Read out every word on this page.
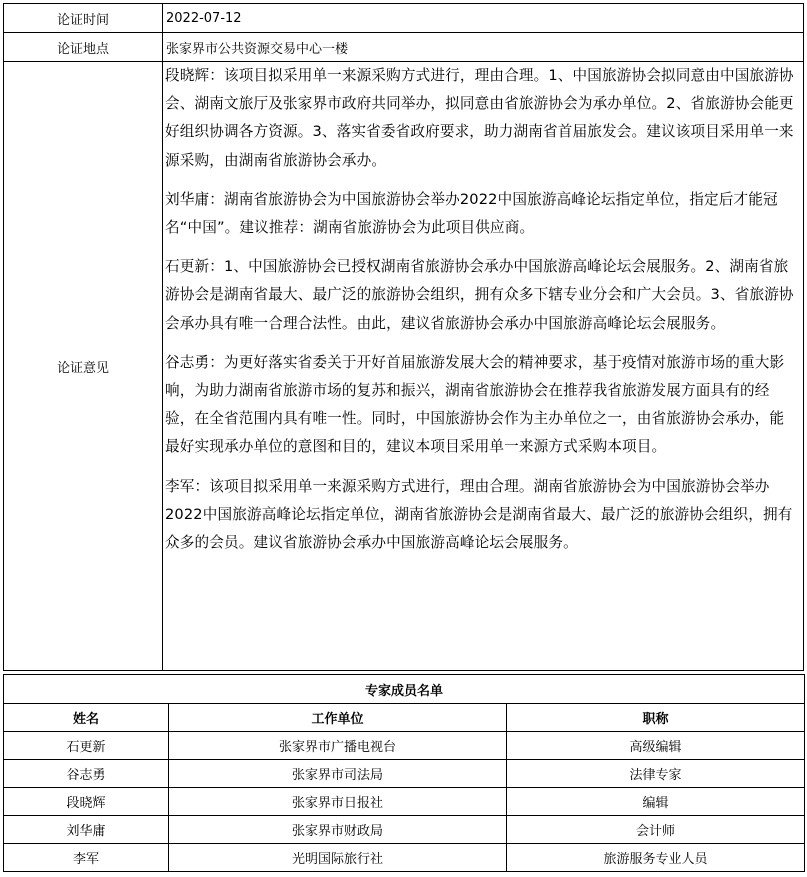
论证时间	2022-07-12
论证地点	张家界市公共资源交易中心一楼
论证意见	段晓辉：该项目拟采用单一来源采购方式进行，理由合理。1、中国旅游协会拟同意由中国旅游协会、湖南文旅厅及张家界市政府共同举办，拟同意由省旅游协会为承办单位。2、省旅游协会能更好组织协调各方资源。3、落实省委省政府要求，助力湖南省首届旅发会。建议该项目采用单一来源采购，由湖南省旅游协会承办。

刘华庸：湖南省旅游协会为中国旅游协会举办2022中国旅游高峰论坛指定单位，指定后才能冠名“中国”。建议推荐：湖南省旅游协会为此项目供应商。

石更新：1、中国旅游协会已授权湖南省旅游协会承办中国旅游高峰论坛会展服务。2、湖南省旅游协会是湖南省最大、最广泛的旅游协会组织，拥有众多下辖专业分会和广大会员。3、省旅游协会承办具有唯一合理合法性。由此，建议省旅游协会承办中国旅游高峰论坛会展服务。

谷志勇：为更好落实省委关于开好首届旅游发展大会的精神要求，基于疫情对旅游市场的重大影响，为助力湖南省旅游市场的复苏和振兴，湖南省旅游协会在推荐我省旅游发展方面具有的经验，在全省范围内具有唯一性。同时，中国旅游协会作为主办单位之一，由省旅游协会承办，能最好实现承办单位的意图和目的，建议本项目采用单一来源方式采购本项目。

李军：该项目拟采用单一来源采购方式进行，理由合理。湖南省旅游协会为中国旅游协会举办2022中国旅游高峰论坛指定单位，湖南省旅游协会是湖南省最大、最广泛的旅游协会组织，拥有众多的会员。建议省旅游协会承办中国旅游高峰论坛会展服务。

专家成员名单		
姓名	工作单位	职称
石更新	张家界市广播电视台	高级编辑
谷志勇	张家界市司法局	法律专家
段晓辉	张家界市日报社	编辑
刘华庸	张家界市财政局	会计师
李军	光明国际旅行社	旅游服务专业人员
